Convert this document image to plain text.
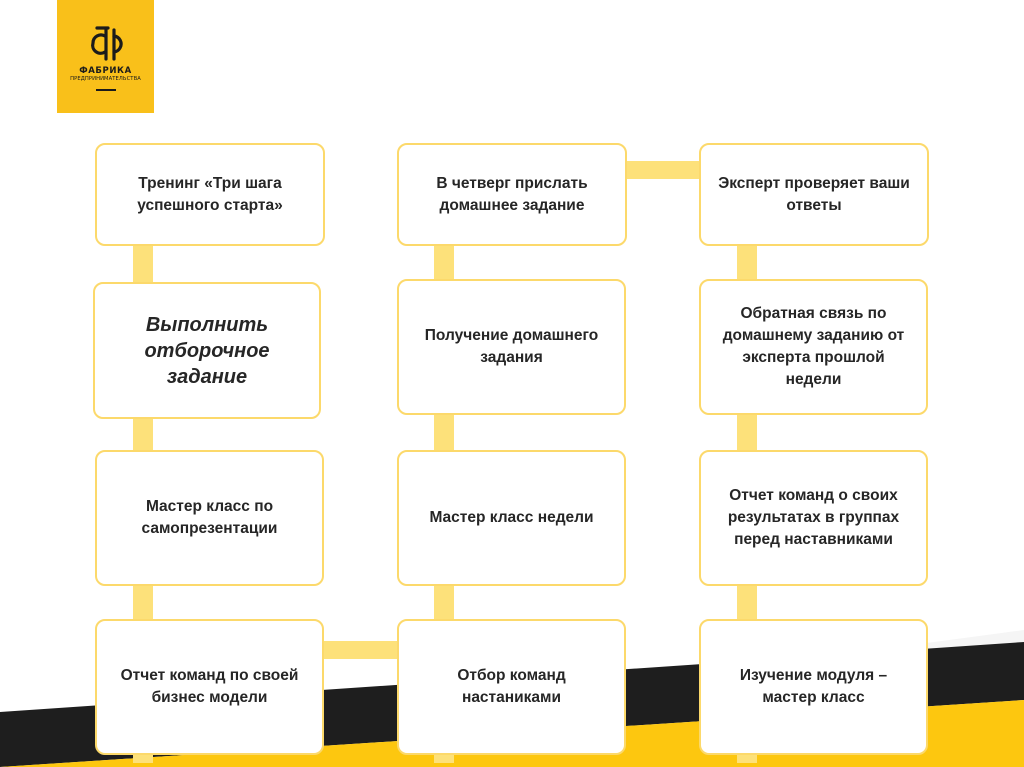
ФАБРИКА
ПРЕДПРИНИМАТЕЛЬСТВА
Тренинг «Три шага успешного старта»
Выполнить отборочное задание
Мастер класс по самопрезентации
Отчет команд по своей бизнес модели
В четверг прислать домашнее задание
Получение домашнего задания
Мастер класс недели
Отбор команд настаниками
Эксперт проверяет ваши ответы
Обратная связь по домашнему заданию от эксперта прошлой недели
Отчет команд о своих результатах в группах перед наставниками
Изучение модуля – мастер класс
